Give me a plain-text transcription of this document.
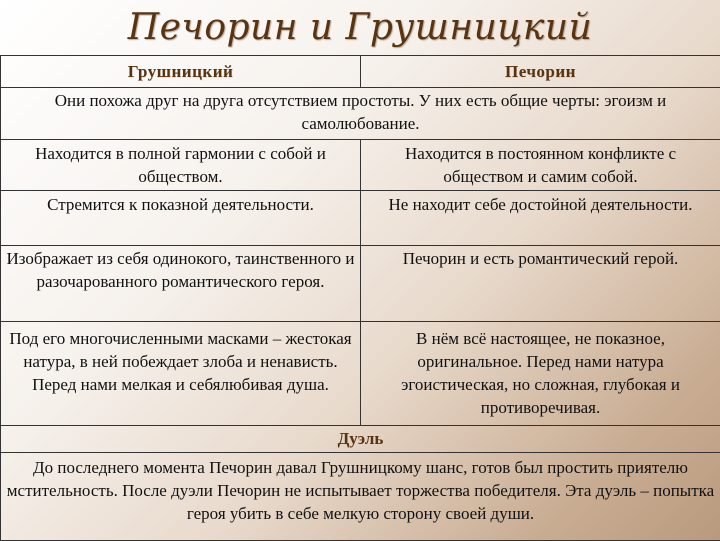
Печорин и Грушницкий
Грушницкий	Печорин
Они похожа друг на друга отсутствием простоты. У них есть общие черты: эгоизм и самолюбование.	
Находится в полной гармонии с собой и обществом.	Находится в постоянном конфликте с обществом и самим собой.
Стремится к показной деятельности.	Не находит себе достойной деятельности.
Изображает из себя одинокого, таинственного и разочарованного романтического героя.	Печорин и есть романтический герой.
Под его многочисленными масками – жестокая натура, в ней побеждает злоба и ненависть. Перед нами мелкая и себялюбивая душа.	В нём всё настоящее, не показное, оригинальное. Перед нами натура эгоистическая, но сложная, глубокая и противоречивая.
Дуэль	
До последнего момента Печорин давал Грушницкому шанс, готов был простить приятелю мстительность. После дуэли Печорин не испытывает торжества победителя. Эта дуэль – попытка героя убить в себе мелкую сторону своей души.	
